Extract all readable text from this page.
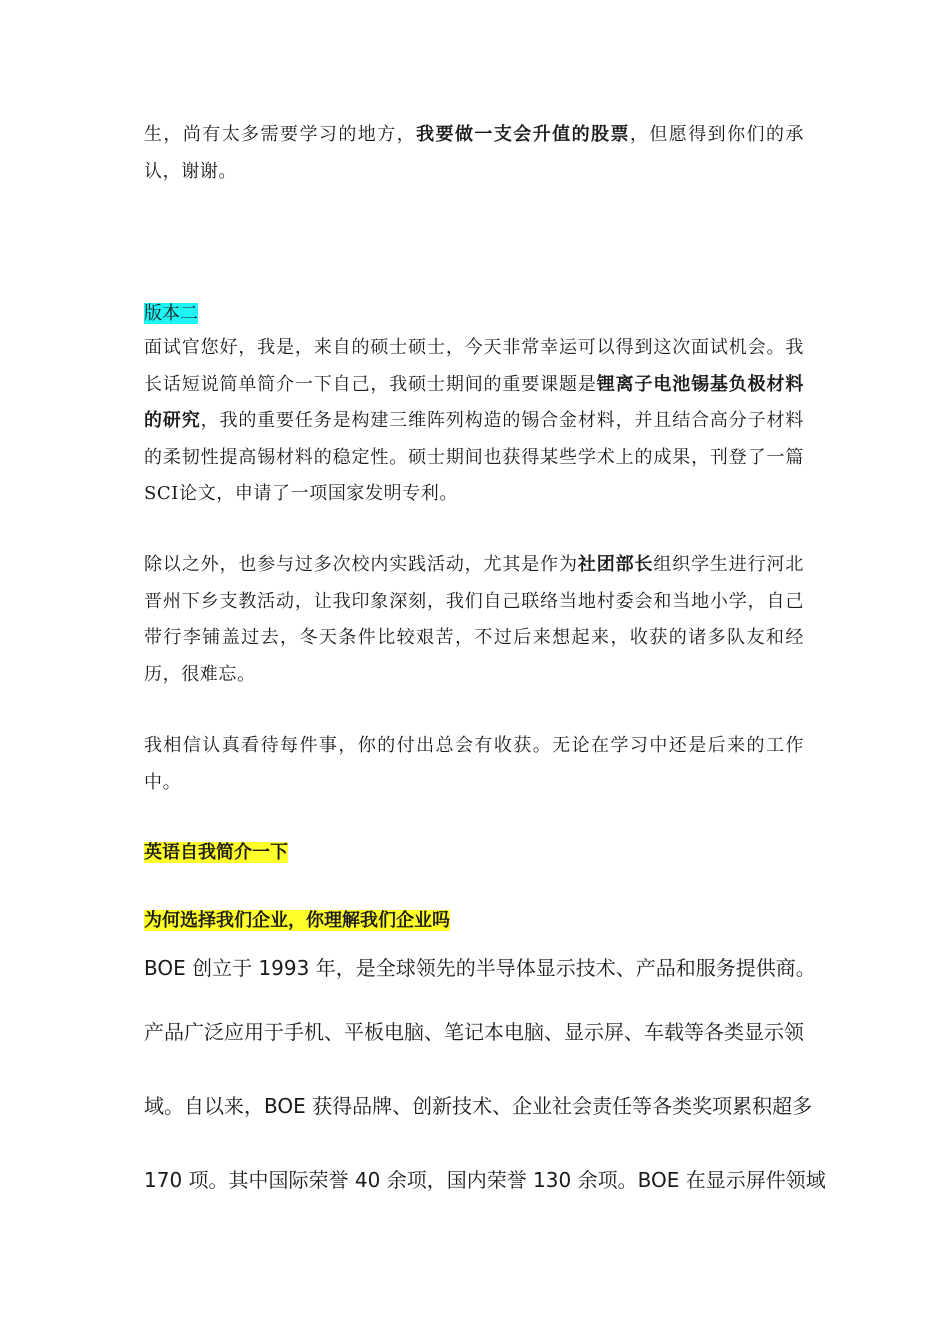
生，尚有太多需要学习的地方，我要做一支会升值的股票，但愿得到你们的承认，谢谢。

版本二

面试官您好，我是，来自的硕士硕士，今天非常幸运可以得到这次面试机会。我长话短说简单简介一下自己，我硕士期间的重要课题是锂离子电池锡基负极材料的研究，我的重要任务是构建三维阵列构造的锡合金材料，并且结合高分子材料的柔韧性提高锡材料的稳定性。硕士期间也获得某些学术上的成果，刊登了一篇SCI论文，申请了一项国家发明专利。

除以之外，也参与过多次校内实践活动，尤其是作为社团部长组织学生进行河北晋州下乡支教活动，让我印象深刻，我们自己联络当地村委会和当地小学，自己带行李铺盖过去，冬天条件比较艰苦，不过后来想起来，收获的诸多队友和经历，很难忘。

我相信认真看待每件事，你的付出总会有收获。无论在学习中还是后来的工作中。

英语自我简介一下
为何选择我们企业，你理解我们企业吗
BOE 创立于 1993 年，是全球领先的半导体显示技术、产品和服务提供商。
产品广泛应用于手机、平板电脑、笔记本电脑、显示屏、车载等各类显示领
域。自以来，BOE 获得品牌、创新技术、企业社会责任等各类奖项累积超多
170 项。其中国际荣誉 40 余项，国内荣誉 130 余项。BOE 在显示屏件领域
